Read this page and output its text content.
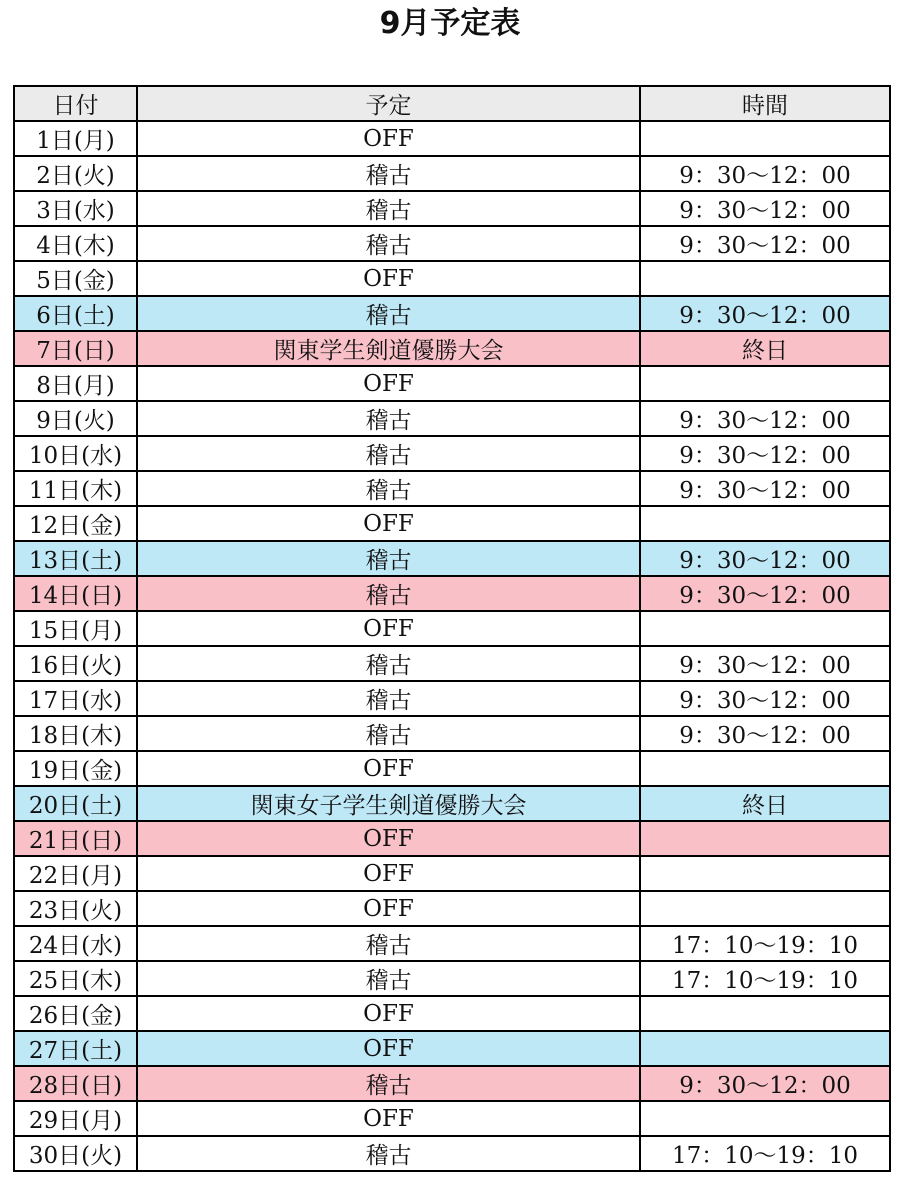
9月予定表
日付	予定	時間
1日(月)	OFF	
2日(火)	稽古	9：30〜12：00
3日(水)	稽古	9：30〜12：00
4日(木)	稽古	9：30〜12：00
5日(金)	OFF	
6日(土)	稽古	9：30〜12：00
7日(日)	関東学生剣道優勝大会	終日
8日(月)	OFF	
9日(火)	稽古	9：30〜12：00
10日(水)	稽古	9：30〜12：00
11日(木)	稽古	9：30〜12：00
12日(金)	OFF	
13日(土)	稽古	9：30〜12：00
14日(日)	稽古	9：30〜12：00
15日(月)	OFF	
16日(火)	稽古	9：30〜12：00
17日(水)	稽古	9：30〜12：00
18日(木)	稽古	9：30〜12：00
19日(金)	OFF	
20日(土)	関東女子学生剣道優勝大会	終日
21日(日)	OFF	
22日(月)	OFF	
23日(火)	OFF	
24日(水)	稽古	17：10〜19：10
25日(木)	稽古	17：10〜19：10
26日(金)	OFF	
27日(土)	OFF	
28日(日)	稽古	9：30〜12：00
29日(月)	OFF	
30日(火)	稽古	17：10〜19：10
